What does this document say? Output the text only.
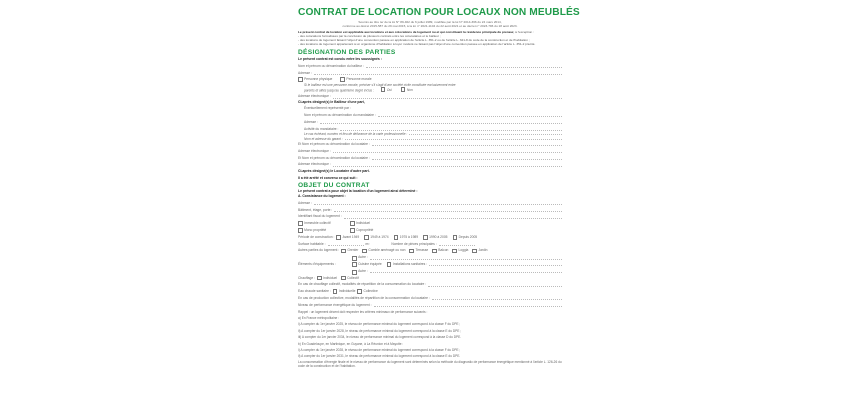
CONTRAT DE LOCATION POUR LOCAUX NON MEUBLÉS
Soumis au titre Ier de la loi N° 89-462 du 6 juillet 1989, modifiée par la loi N° 2014-366 du 24 mars 2014,
conforme au décret 2015-587 du 29 mai 2015, à la loi n° 2021-1104 du 22 août 2021 et au décret n° 2023-796 du 18 août 2023.
Le présent contrat de location est applicable aux locations et aux colocations de logement nu et qui constituent la résidence principale du preneur, à l'exception :
- des colocations formalisées par la conclusion de plusieurs contrats entre les colocataires et le bailleur ;
- des locations de logement faisant l'objet d'une convention passée en application de l'article L. 351-2 ou de l'article L. 321-8 du code de la construction et de l'habitation ;
- des locations de logement appartenant à un organisme d'habitation à loyer modéré ne faisant pas l'objet d'une convention passée en application de l'article L. 351-2 précité.
DÉSIGNATION DES PARTIES
Le présent contrat est conclu entre les soussignés :
Nom et prénom ou dénomination du bailleur :
Adresse :
Personne physique	Personne morale
Si le bailleur est une personne morale, préciser s'il s'agit d'une société civile constituée exclusivement entre
parents et alliés jusqu'au quatrième degré inclus :	Oui
	Non
Adresse électronique :
Ci-après désigné(s) le Bailleur d'une part,
Éventuellement représenté par :
Nom et prénom ou dénomination du mandataire :
Adresse :
Activité du mandataire :
Le cas échéant, numéro et lieu de délivrance de la carte professionnelle :
Nom et adresse du garant :
Et Nom et prénom ou dénomination du locataire :
Adresse électronique :
Et Nom et prénom ou dénomination du locataire :
Adresse électronique :
Ci-après désigné(s) le Locataire d'autre part.
Il a été arrêté et convenu ce qui suit :
OBJET DU CONTRAT
Le présent contrat a pour objet la location d'un logement ainsi déterminé :
A. Consistance du logement :
Adresse :
Bâtiment, étage, porte :
Identifiant fiscal du logement :
Immeuble collectif	Individuel
Mono propriété	Copropriété
Période de construction : Avant 1949	1949 à 1974	1975 à 1989	1990 à 2005	Depuis 2005
Surface habitable :	m²	Nombre de pièces principales :
Autres parties du logement : Grenier	Comble aménagé ou non	Terrasse	Balcon	Loggia	Jardin
Autre :
Éléments d'équipements :	Cuisine équipée	Installations sanitaires :
Autre :
Chauffage : Individuel	Collectif
En cas de chauffage collectif, modalités de répartition de la consommation du locataire :
Eau chaude sanitaire : Individuelle Collective
En cas de production collective, modalités de répartition de la consommation du locataire :
Niveau de performance énergétique du logement :
Rappel : un logement décent doit respecter les critères minimaux de performance suivants :
a) En France métropolitaine :
i) A compter du 1er janvier 2025, le niveau de performance minimal du logement correspond à la classe F du DPE ;
ii) A compter du 1er janvier 2028, le niveau de performance minimal du logement correspond à la classe E du DPE ;
iii) A compter du 1er janvier 2034, le niveau de performance minimal du logement correspond à la classe D du DPE.
b) En Guadeloupe, en Martinique, en Guyane, à La Réunion et à Mayotte :
i) A compter du 1er janvier 2028, le niveau de performance minimal du logement correspond à la classe F du DPE ;
ii) A compter du 1er janvier 2031, le niveau de performance minimal du logement correspond à la classe E du DPE.
La consommation d'énergie finale et le niveau de performance du logement sont déterminés selon la méthode du diagnostic de performance énergétique mentionné à l'article L. 126-26 du code de la construction et de l'habitation.
